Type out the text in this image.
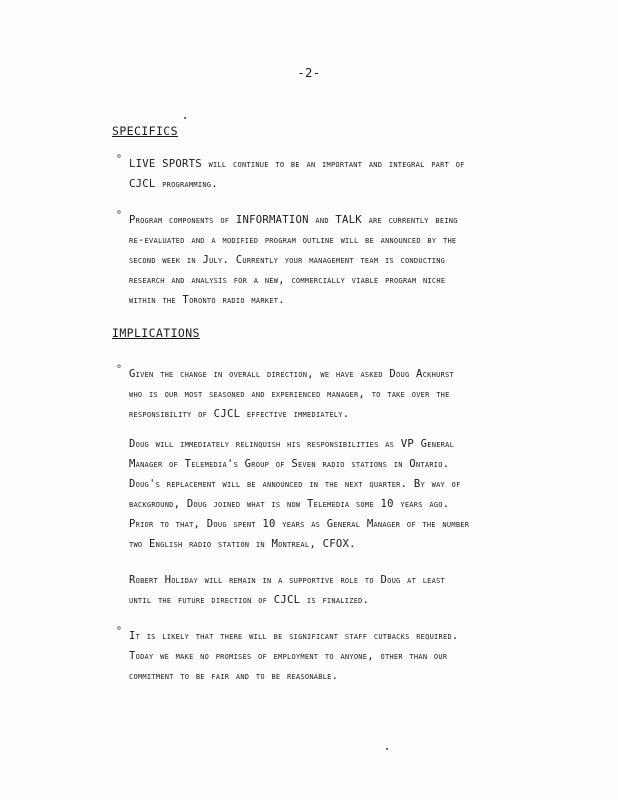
-2-
SPECIFICS
° LIVE SPORTS will continue to be an important and integral part of
CJCL programming.
° Program components of INFORMATION and TALK are currently being
re-evaluated and a modified program outline will be announced by the
second week in July. Currently your management team is conducting
research and analysis for a new, commercially viable program niche
within the Toronto radio market.
IMPLICATIONS
° Given the change in overall direction, we have asked Doug Ackhurst
who is our most seasoned and experienced manager, to take over the
responsibility of CJCL effective immediately.
Doug will immediately relinquish his responsibilities as VP General
Manager of Telemedia's Group of Seven radio stations in Ontario.
Doug's replacement will be announced in the next quarter. By way of
background, Doug joined what is now Telemedia some 10 years ago.
Prior to that, Doug spent 10 years as General Manager of the number
two English radio station in Montreal, CFOX.
Robert Holiday will remain in a supportive role to Doug at least
until the future direction of CJCL is finalized.
° It is likely that there will be significant staff cutbacks required.
Today we make no promises of employment to anyone, other than our
commitment to be fair and to be reasonable.
